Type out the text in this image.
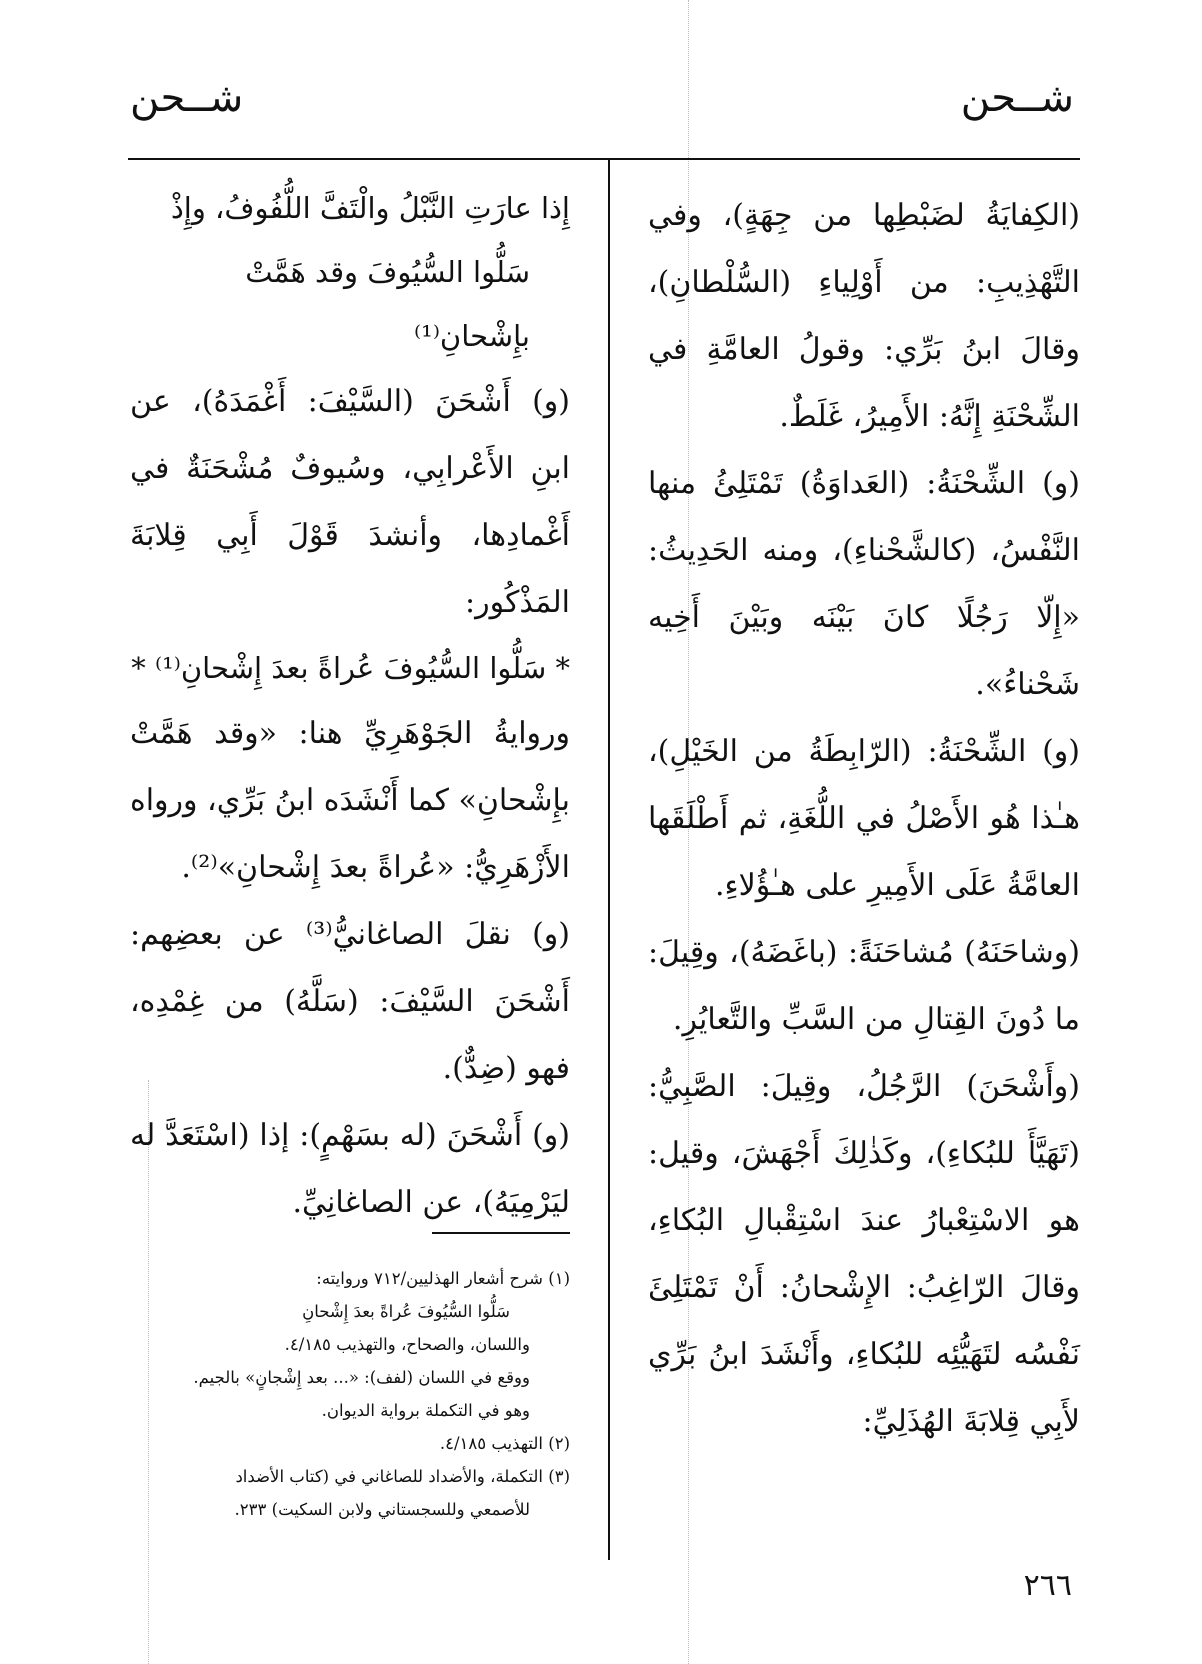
شــحن
شــحن

(الكِفايَةُ لضَبْطِها من جِهَةٍ)، وفي التَّهْذِيبِ: من أَوْلِياءِ (السُّلْطانِ)، وقالَ ابنُ بَرِّي: وقولُ العامَّةِ في الشِّحْنَةِ إِنَّهُ: الأَمِيرُ، غَلَطٌ.

(و) الشِّحْنَةُ: (العَداوَةُ) تَمْتَلِئُ منها النَّفْسُ، (كالشَّحْناءِ)، ومنه الحَدِيثُ: «إِلّا رَجُلًا كانَ بَيْنَه وبَيْنَ أَخِيه شَحْناءُ».

(و) الشِّحْنَةُ: (الرّابِطَةُ من الخَيْلِ)، هـٰذا هُو الأَصْلُ في اللُّغَةِ، ثم أَطْلَقَها العامَّةُ عَلَى الأَمِيرِ على هـٰؤُلاءِ.

(وشاحَنَهُ) مُشاحَنَةً: (باغَضَهُ)، وقِيلَ: ما دُونَ القِتالِ من السَّبِّ والتَّعايُرِ.

(وأَشْحَنَ) الرَّجُلُ، وقِيلَ: الصَّبِيُّ: (تَهَيَّأَ للبُكاءِ)، وكَذٰلِكَ أَجْهَشَ، وقيل: هو الاسْتِعْبارُ عندَ اسْتِقْبالِ البُكاءِ، وقالَ الرّاغِبُ: الإِشْحانُ: أَنْ تَمْتَلِئَ نَفْسُه لتَهَيُّئِه للبُكاءِ، وأَنْشَدَ ابنُ بَرِّي لأَبِي قِلابَةَ الهُذَلِيِّ:

إِذا عارَتِ النَّبْلُ والْتَفَّ اللُّفُوفُ، وإِذْ

سَلُّوا السُّيُوفَ وقد هَمَّتْ بإِشْحانِ⁽¹⁾

(و) أَشْحَنَ (السَّيْفَ: أَغْمَدَهُ)، عن ابنِ الأَعْرابِي، وسُيوفٌ مُشْحَنَةٌ في أَغْمادِها، وأنشدَ قَوْلَ أَبِي قِلابَةَ المَذْكُور:

* سَلُّوا السُّيُوفَ عُراةً بعدَ إِشْحانِ⁽¹⁾ *

وروايةُ الجَوْهَرِيِّ هنا: «وقد هَمَّتْ بإِشْحانِ» كما أَنْشَدَه ابنُ بَرِّي، ورواه الأَزْهَرِيُّ: «عُراةً بعدَ إِشْحانِ»⁽²⁾.

(و) نقلَ الصاغانيُّ⁽³⁾ عن بعضِهم: أَشْحَنَ السَّيْفَ: (سَلَّهُ) من غِمْدِه، فهو (ضِدٌّ).

(و) أَشْحَنَ (له بسَهْمٍ): إذا (اسْتَعَدَّ له ليَرْمِيَهُ)، عن الصاغانِيِّ.

(١) شرح أشعار الهذليين/٧١٢ وروايته:

سَلُّوا السُّيُوفَ عُراةً بعدَ إِشْحانِ

واللسان، والصحاح، والتهذيب ٤/١٨٥.

ووقع في اللسان (لفف): «... بعد إِشْجانٍ» بالجيم.

وهو في التكملة برواية الديوان.

(٢) التهذيب ٤/١٨٥.

(٣) التكملة، والأضداد للصاغاني في (كتاب الأضداد

للأصمعي وللسجستاني ولابن السكيت) ٢٣٣.

٢٦٦
